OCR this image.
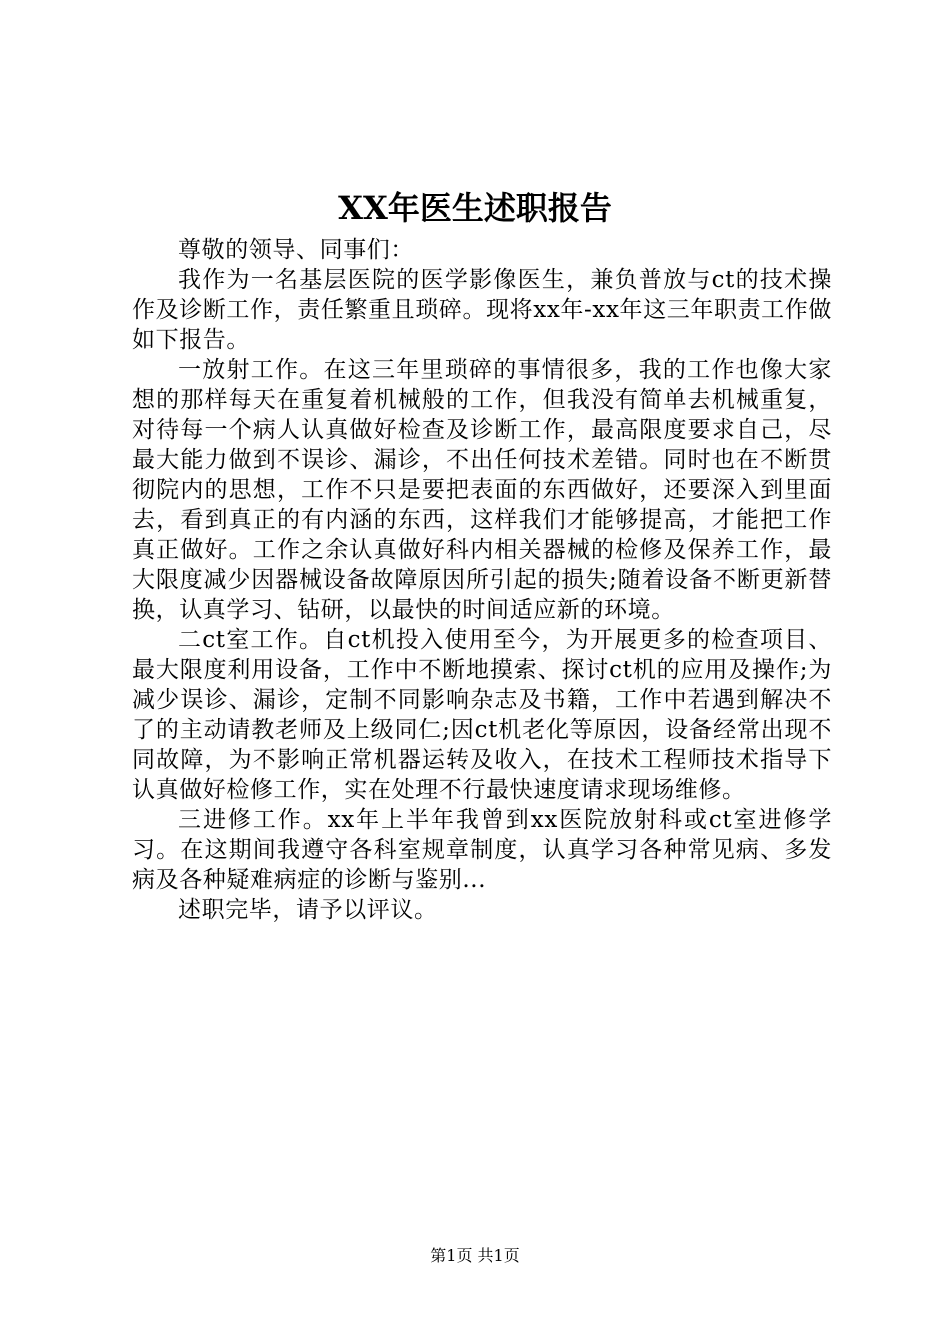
XX年医生述职报告

尊敬的领导、同事们：

我作为一名基层医院的医学影像医生，兼负普放与ct的技术操作及诊断工作，责任繁重且琐碎。现将xx年-xx年这三年职责工作做如下报告。

一放射工作。在这三年里琐碎的事情很多，我的工作也像大家想的那样每天在重复着机械般的工作，但我没有简单去机械重复，对待每一个病人认真做好检查及诊断工作，最高限度要求自己，尽最大能力做到不误诊、漏诊，不出任何技术差错。同时也在不断贯彻院内的思想，工作不只是要把表面的东西做好，还要深入到里面去，看到真正的有内涵的东西，这样我们才能够提高，才能把工作真正做好。工作之余认真做好科内相关器械的检修及保养工作，最大限度减少因器械设备故障原因所引起的损失;随着设备不断更新替换，认真学习、钻研，以最快的时间适应新的环境。

二ct室工作。自ct机投入使用至今，为开展更多的检查项目、最大限度利用设备，工作中不断地摸索、探讨ct机的应用及操作;为减少误诊、漏诊，定制不同影响杂志及书籍，工作中若遇到解决不了的主动请教老师及上级同仁;因ct机老化等原因，设备经常出现不同故障，为不影响正常机器运转及收入，在技术工程师技术指导下认真做好检修工作，实在处理不行最快速度请求现场维修。

三进修工作。xx年上半年我曾到xx医院放射科或ct室进修学习。在这期间我遵守各科室规章制度，认真学习各种常见病、多发病及各种疑难病症的诊断与鉴别...

述职完毕，请予以评议。

第1页 共1页
